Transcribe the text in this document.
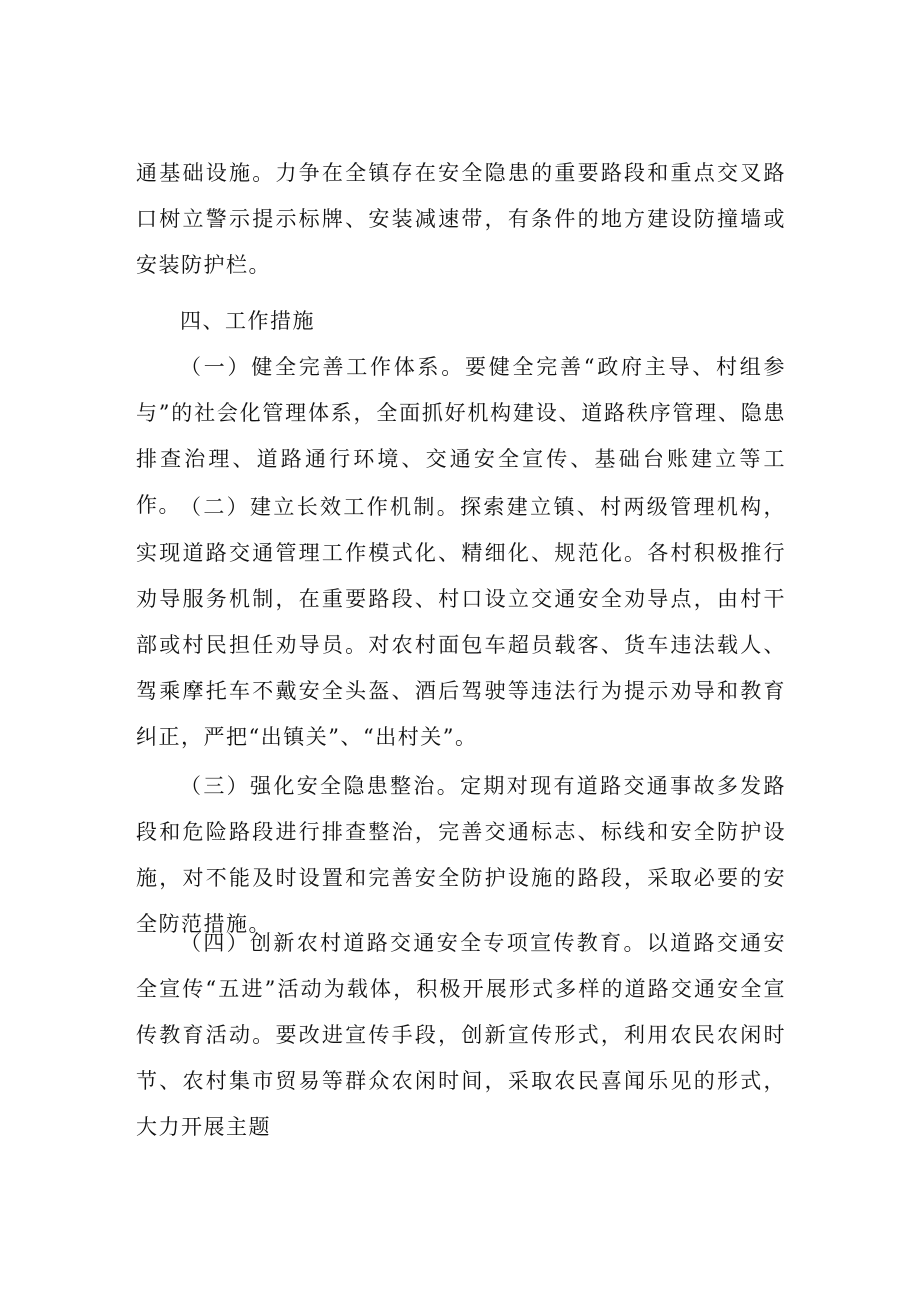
通基础设施。力争在全镇存在安全隐患的重要路段和重点交叉路口树立警示提示标牌、安装减速带，有条件的地方建设防撞墙或安装防护栏。

四、工作措施

（一）健全完善工作体系。要健全完善“政府主导、村组参与”的社会化管理体系，全面抓好机构建设、道路秩序管理、隐患排查治理、道路通行环境、交通安全宣传、基础台账建立等工作。 （二）建立长效工作机制。探索建立镇、村两级管理机构，实现道路交通管理工作模式化、精细化、规范化。各村积极推行劝导服务机制，在重要路段、村口设立交通安全劝导点，由村干部或村民担任劝导员。对农村面包车超员载客、货车违法载人、驾乘摩托车不戴安全头盔、酒后驾驶等违法行为提示劝导和教育纠正，严把“出镇关”、“出村关”。

（三）强化安全隐患整治。定期对现有道路交通事故多发路段和危险路段进行排查整治，完善交通标志、标线和安全防护设施，对不能及时设置和完善安全防护设施的路段，采取必要的安全防范措施。

（四）创新农村道路交通安全专项宣传教育。以道路交通安全宣传“五进”活动为载体，积极开展形式多样的道路交通安全宣传教育活动。要改进宣传手段，创新宣传形式，利用农民农闲时节、农村集市贸易等群众农闲时间，采取农民喜闻乐见的形式，大力开展主题
